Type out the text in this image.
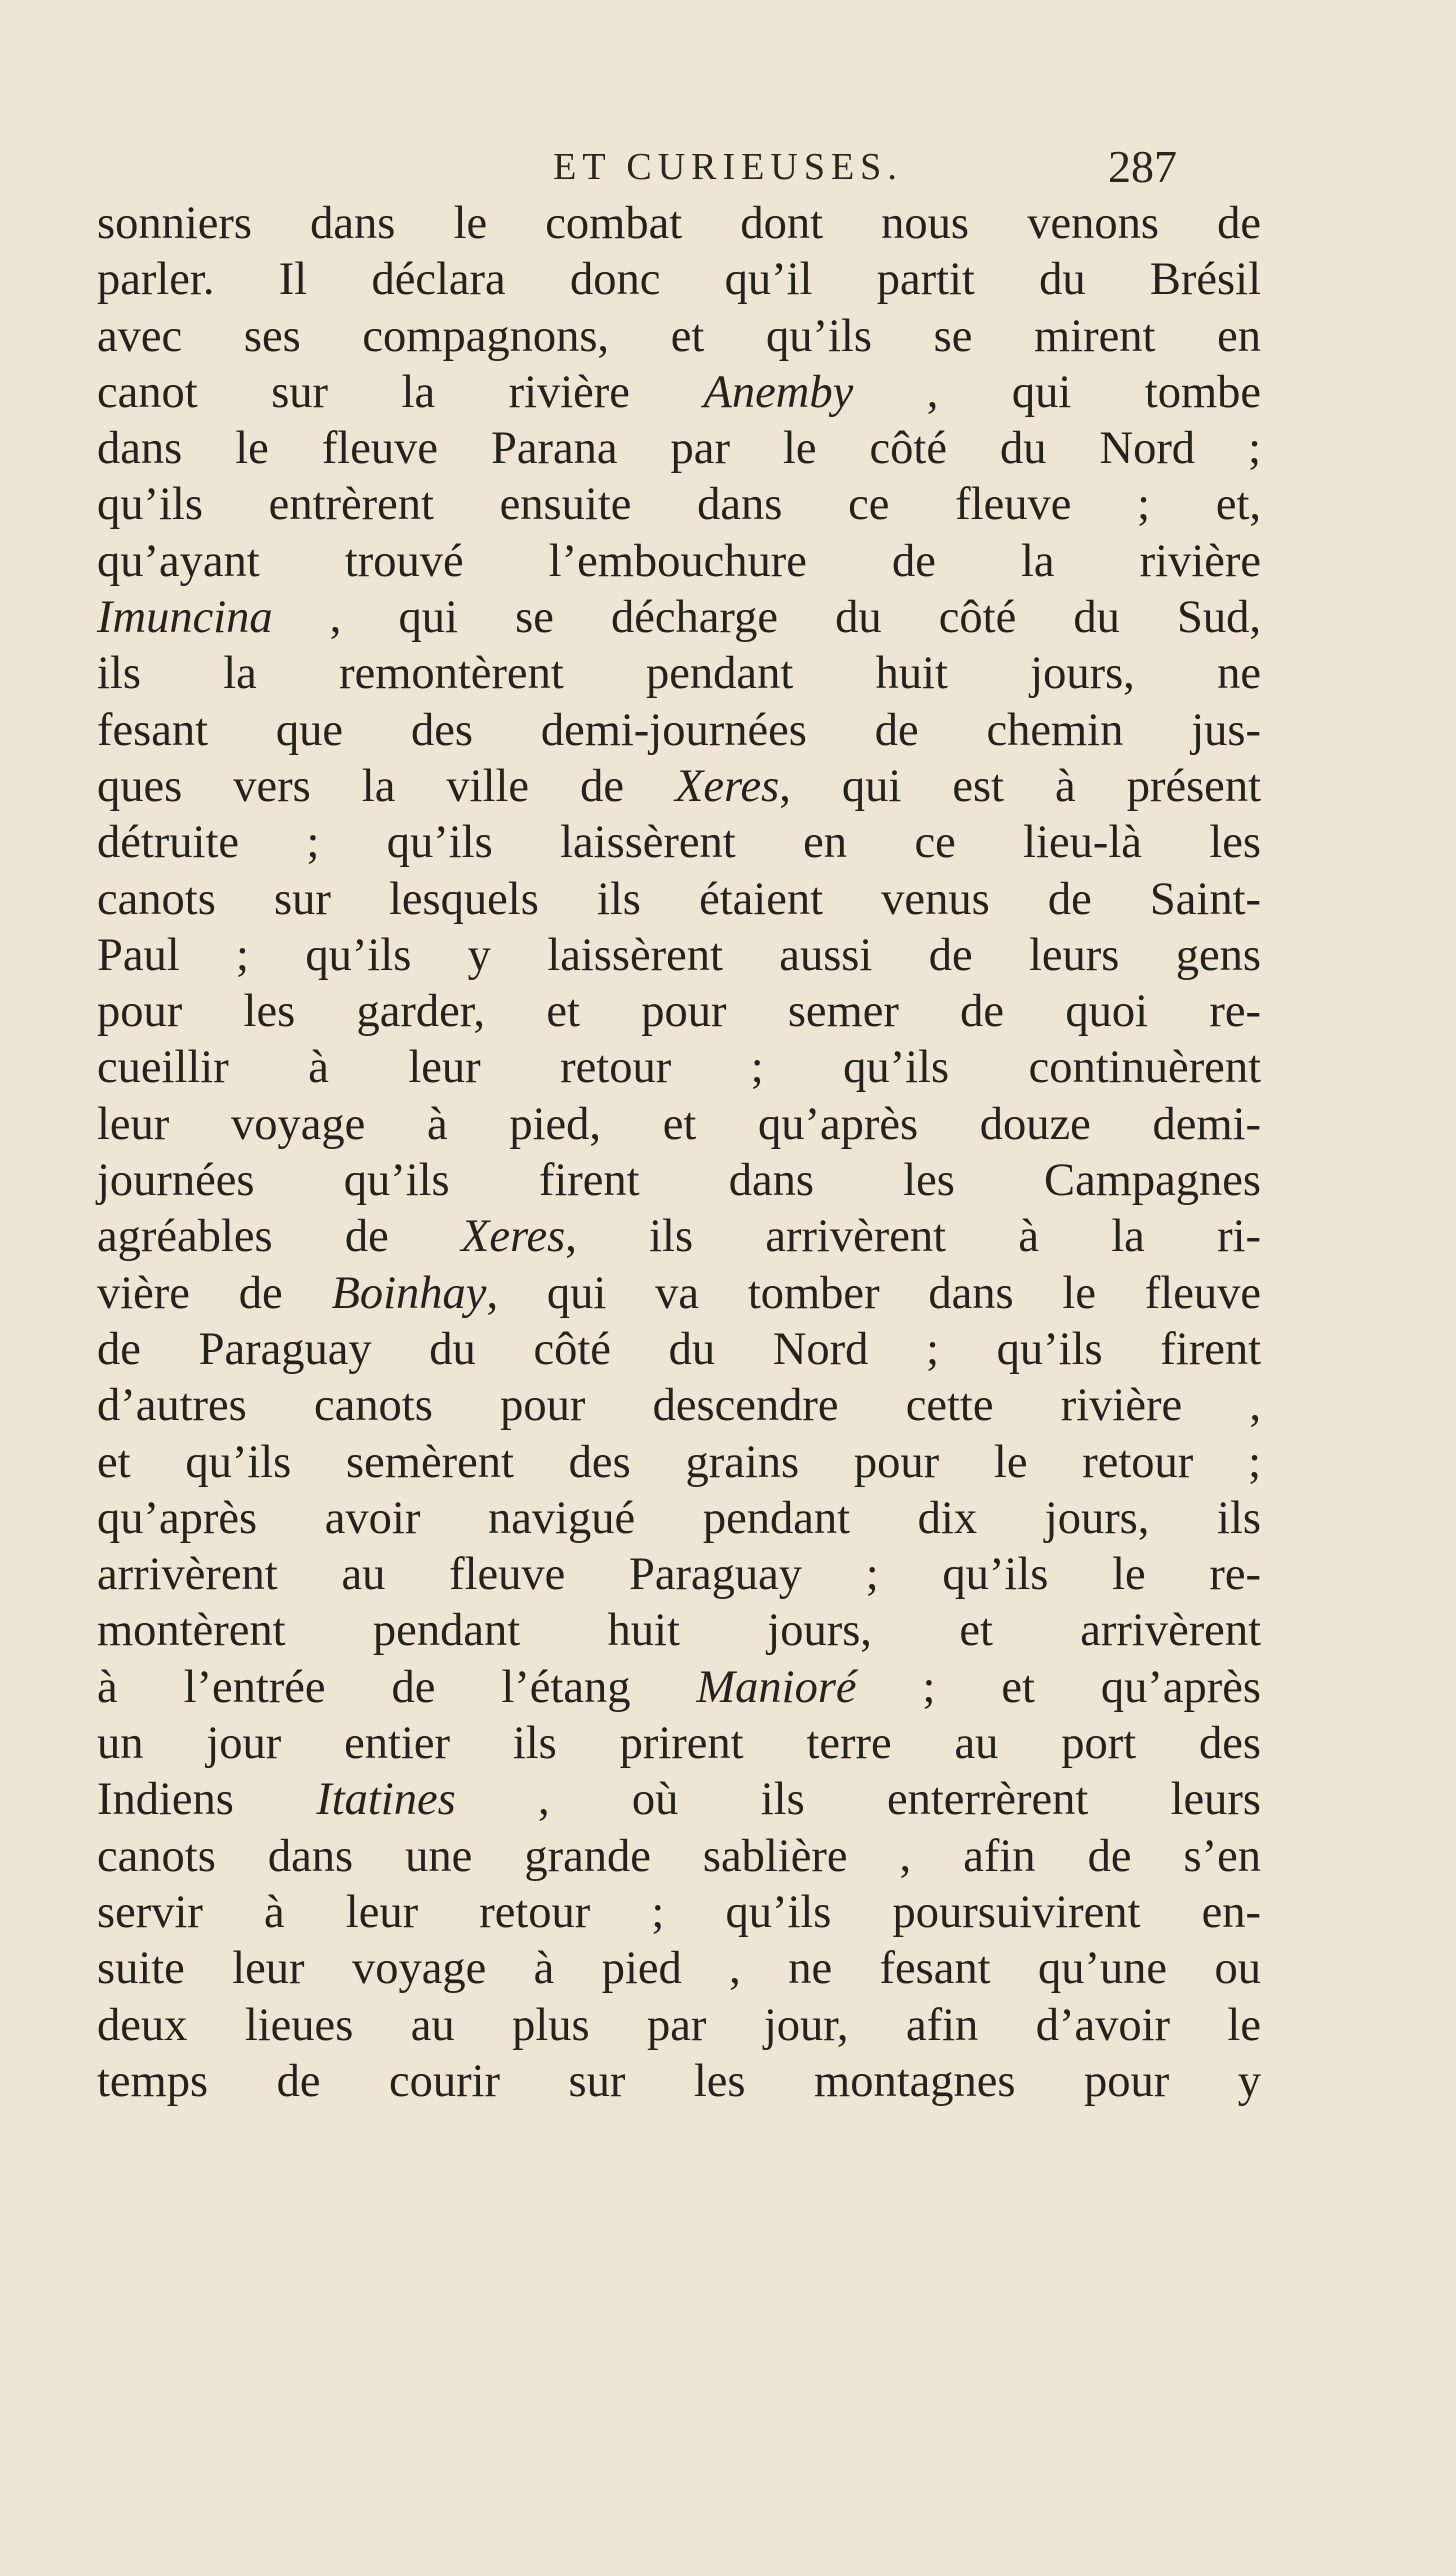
ET CURIEUSES.	287
sonniers dans le combat dont nous venons de
parler. Il déclara donc qu’il partit du Brésil
avec ses compagnons, et qu’ils se mirent en
canot sur la rivière Anemby , qui tombe
dans le fleuve Parana par le côté du Nord ;
qu’ils entrèrent ensuite dans ce fleuve ; et,
qu’ayant trouvé l’embouchure de la rivière
Imuncina , qui se décharge du côté du Sud,
ils la remontèrent pendant huit jours, ne
fesant que des demi-journées de chemin jus-
ques vers la ville de Xeres, qui est à présent
détruite ; qu’ils laissèrent en ce lieu-là les
canots sur lesquels ils étaient venus de Saint-
Paul ; qu’ils y laissèrent aussi de leurs gens
pour les garder, et pour semer de quoi re-
cueillir à leur retour ; qu’ils continuèrent
leur voyage à pied, et qu’après douze demi-
journées qu’ils firent dans les Campagnes
agréables de Xeres, ils arrivèrent à la ri-
vière de Boinhay, qui va tomber dans le fleuve
de Paraguay du côté du Nord ; qu’ils firent
d’autres canots pour descendre cette rivière ,
et qu’ils semèrent des grains pour le retour ;
qu’après avoir navigué pendant dix jours, ils
arrivèrent au fleuve Paraguay ; qu’ils le re-
montèrent pendant huit jours, et arrivèrent
à l’entrée de l’étang Manioré ; et qu’après
un jour entier ils prirent terre au port des
Indiens Itatines , où ils enterrèrent leurs
canots dans une grande sablière , afin de s’en
servir à leur retour ; qu’ils poursuivirent en-
suite leur voyage à pied , ne fesant qu’une ou
deux lieues au plus par jour, afin d’avoir le
temps de courir sur les montagnes pour y
